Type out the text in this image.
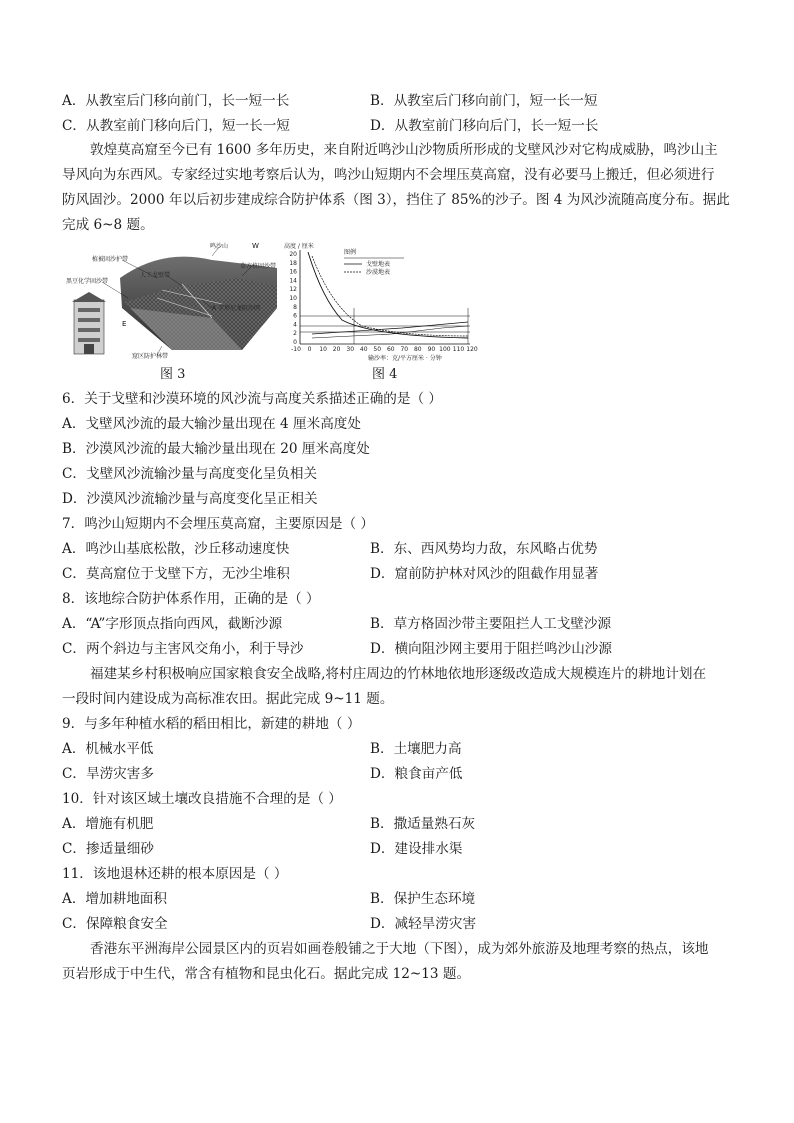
A．从教室后门移向前门，长一短一长	B．从教室后门移向前门，短一长一短
C．从教室前门移向后门，短一长一短	D．从教室前门移向后门，长一短一长
敦煌莫高窟至今已有 1600 多年历史，来自附近鸣沙山沙物质所形成的戈壁风沙对它构成威胁，鸣沙山主
导风向为东西风。专家经过实地考察后认为，鸣沙山短期内不会埋压莫高窟，没有必要马上搬迁，但必须进行
防风固沙。2000 年以后初步建成综合防护体系（图 3），挡住了 85%的沙子。图 4 为风沙流随高度分布。据此
完成 6~8 题。
鸣沙山	W
植被固沙护带
草方格固沙带
人工戈壁带
黑豆化学固沙带
A 字形尼龙阻沙网
E
窟区防护林带
图 3
高度 / 厘米
20
18
16
14
12
10
8
6
4
2
0
-10 0 10 20 30 40 50 60 70 80 90 100 110 120
图例
戈壁地表
沙漠地表
输沙率：克/平方厘米 · 分钟
图 4
6．关于戈壁和沙漠环境的风沙流与高度关系描述正确的是（ ）
A．戈壁风沙流的最大输沙量出现在 4 厘米高度处
B．沙漠风沙流的最大输沙量出现在 20 厘米高度处
C．戈壁风沙流输沙量与高度变化呈负相关
D．沙漠风沙流输沙量与高度变化呈正相关
7．鸣沙山短期内不会埋压莫高窟，主要原因是（ ）
A．鸣沙山基底松散，沙丘移动速度快	B．东、西风势均力敌，东风略占优势
C．莫高窟位于戈壁下方，无沙尘堆积	D．窟前防护林对风沙的阻截作用显著
8．该地综合防护体系作用，正确的是（ ）
A．“A”字形顶点指向西风，截断沙源	B．草方格固沙带主要阻拦人工戈壁沙源
C．两个斜边与主害风交角小，利于导沙	D．横向阻沙网主要用于阻拦鸣沙山沙源
福建某乡村积极响应国家粮食安全战略,将村庄周边的竹林地依地形逐级改造成大规模连片的耕地计划在
一段时间内建设成为高标准农田。据此完成 9~11 题。
9．与多年种植水稻的稻田相比，新建的耕地（ ）
A．机械水平低	B．土壤肥力高
C．旱涝灾害多	D．粮食亩产低
10．针对该区域土壤改良措施不合理的是（ ）
A．增施有机肥	B．撒适量熟石灰
C．掺适量细砂	D．建设排水渠
11．该地退林还耕的根本原因是（ ）
A．增加耕地面积	B．保护生态环境
C．保障粮食安全	D．减轻旱涝灾害
香港东平洲海岸公园景区内的页岩如画卷般铺之于大地（下图），成为郊外旅游及地理考察的热点，该地
页岩形成于中生代，常含有植物和昆虫化石。据此完成 12~13 题。
